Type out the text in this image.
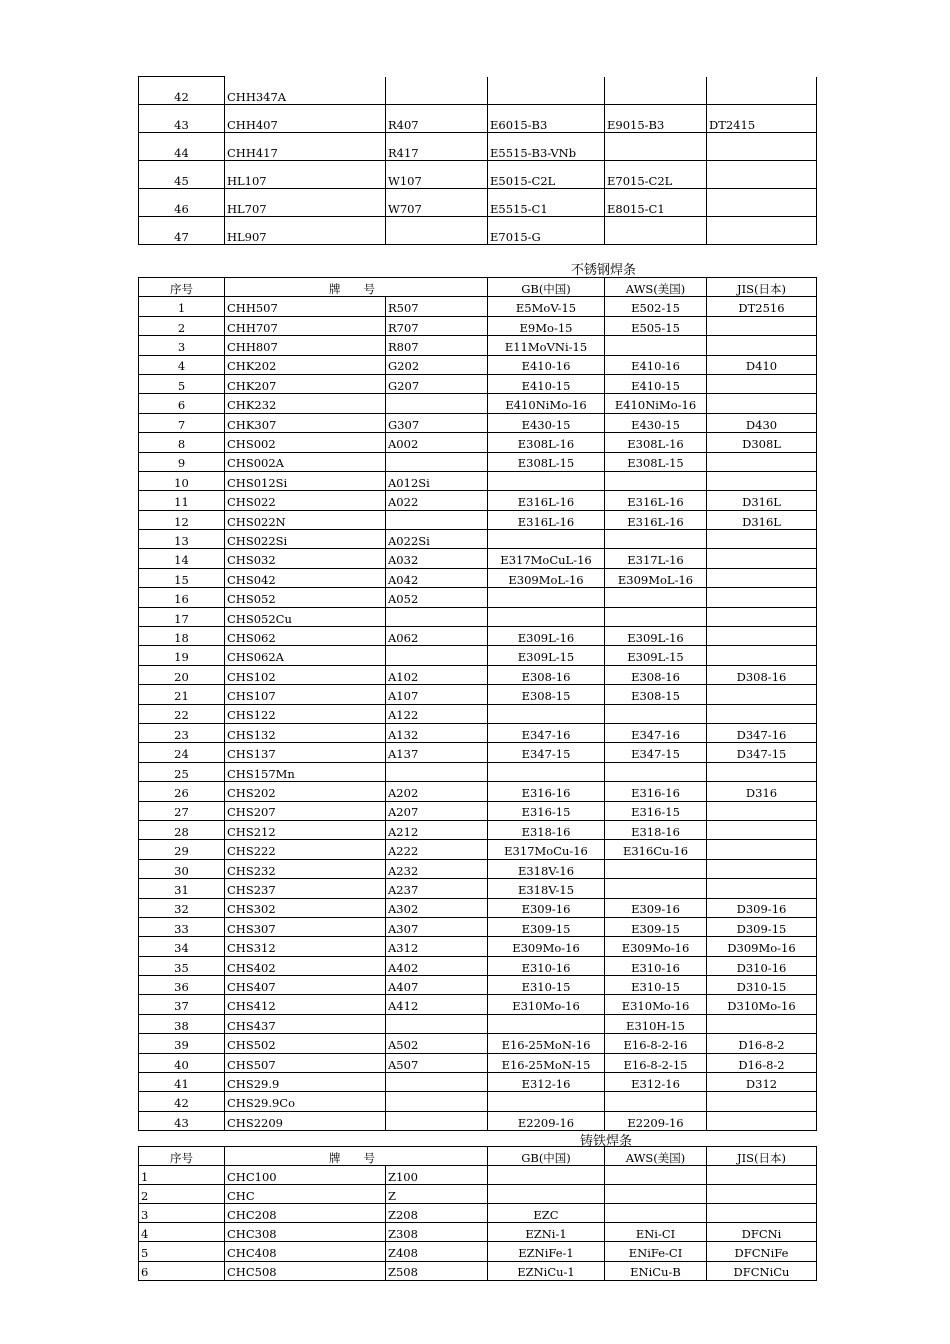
42	CHH347A				
43	CHH407	R407	E6015-B3	E9015-B3	DT2415
44	CHH417	R417	E5515-B3-VNb		
45	HL107	W107	E5015-C2L	E7015-C2L	
46	HL707	W707	E5515-C1	E8015-C1	
47	HL907		E7015-G		
不锈钢焊条
序号	牌　　号		GB(中国)	AWS(美国)	JIS(日本)
1	CHH507	R507	E5MoV-15	E502-15	DT2516
2	CHH707	R707	E9Mo-15	E505-15	
3	CHH807	R807	E11MoVNi-15		
4	CHK202	G202	E410-16	E410-16	D410
5	CHK207	G207	E410-15	E410-15	
6	CHK232		E410NiMo-16	E410NiMo-16	
7	CHK307	G307	E430-15	E430-15	D430
8	CHS002	A002	E308L-16	E308L-16	D308L
9	CHS002A		E308L-15	E308L-15	
10	CHS012Si	A012Si			
11	CHS022	A022	E316L-16	E316L-16	D316L
12	CHS022N		E316L-16	E316L-16	D316L
13	CHS022Si	A022Si			
14	CHS032	A032	E317MoCuL-16	E317L-16	
15	CHS042	A042	E309MoL-16	E309MoL-16	
16	CHS052	A052			
17	CHS052Cu				
18	CHS062	A062	E309L-16	E309L-16	
19	CHS062A		E309L-15	E309L-15	
20	CHS102	A102	E308-16	E308-16	D308-16
21	CHS107	A107	E308-15	E308-15	
22	CHS122	A122			
23	CHS132	A132	E347-16	E347-16	D347-16
24	CHS137	A137	E347-15	E347-15	D347-15
25	CHS157Mn				
26	CHS202	A202	E316-16	E316-16	D316
27	CHS207	A207	E316-15	E316-15	
28	CHS212	A212	E318-16	E318-16	
29	CHS222	A222	E317MoCu-16	E316Cu-16	
30	CHS232	A232	E318V-16		
31	CHS237	A237	E318V-15		
32	CHS302	A302	E309-16	E309-16	D309-16
33	CHS307	A307	E309-15	E309-15	D309-15
34	CHS312	A312	E309Mo-16	E309Mo-16	D309Mo-16
35	CHS402	A402	E310-16	E310-16	D310-16
36	CHS407	A407	E310-15	E310-15	D310-15
37	CHS412	A412	E310Mo-16	E310Mo-16	D310Mo-16
38	CHS437			E310H-15	
39	CHS502	A502	E16-25MoN-16	E16-8-2-16	D16-8-2
40	CHS507	A507	E16-25MoN-15	E16-8-2-15	D16-8-2
41	CHS29.9		E312-16	E312-16	D312
42	CHS29.9Co				
43	CHS2209		E2209-16	E2209-16	
铸铁焊条
序号	牌　　号		GB(中国)	AWS(美国)	JIS(日本)
1	CHC100	Z100			
2	CHC	Z			
3	CHC208	Z208	EZC		
4	CHC308	Z308	EZNi-1	ENi-CI	DFCNi
5	CHC408	Z408	EZNiFe-1	ENiFe-CI	DFCNiFe
6	CHC508	Z508	EZNiCu-1	ENiCu-B	DFCNiCu
